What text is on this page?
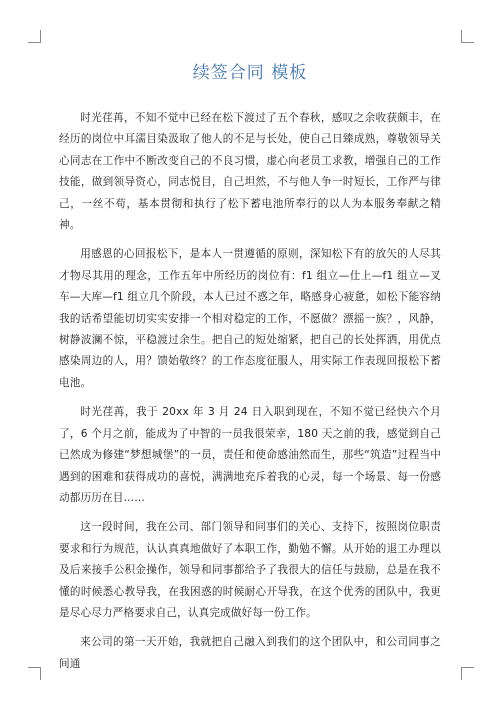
续签合同 模板

时光荏苒，不知不觉中已经在松下渡过了五个春秋，感叹之余收获颇丰，在经历的岗位中耳濡目染汲取了他人的不足与长处，使自己日臻成熟，尊敬领导关心同志在工作中不断改变自己的不良习惯，虚心向老员工求教，增强自己的工作技能，做到领导资心，同志悦目，自己坦然，不与他人争一时短长，工作严与律己，一丝不苟，基本贯彻和执行了松下蓄电池所奉行的以人为本服务奉献之精神。

用感恩的心回报松下，是本人一贯遵循的原则，深知松下有的放矢的人尽其才物尽其用的理念，工作五年中所经历的岗位有：f1 组立—仕上—f1 组立—叉车—大库—f1 组立几个阶段，本人已过不惑之年，略感身心疲惫，如松下能容纳我的话希望能切切实实安排一个相对稳定的工作，不愿做？漂摇一族？，风静，树静波澜不惊，平稳渡过余生。把自己的短处缩紧，把自己的长处挥洒，用优点感染周边的人，用？馈始敬终？的工作态度征服人，用实际工作表现回报松下蓄电池。

时光荏苒，我于 20xx 年 3 月 24 日入职到现在，不知不觉已经快六个月了，6 个月之前，能成为了中智的一员我很荣幸，180 天之前的我，感觉到自己已然成为修建“梦想城堡”的一员，责任和使命感油然而生，那些“筑造”过程当中遇到的困难和获得成功的喜悦，满满地充斥着我的心灵，每一个场景、每一份感动都历历在目……

这一段时间，我在公司、部门领导和同事们的关心、支持下，按照岗位职责要求和行为规范，认认真真地做好了本职工作，勤勉不懈。从开始的退工办理以及后来接手公积金操作，领导和同事都给予了我很大的信任与鼓励，总是在我不懂的时候悉心教导我，在我困惑的时候耐心开导我，在这个优秀的团队中，我更是尽心尽力严格要求自己，认真完成做好每一份工作。

来公司的第一天开始，我就把自己融入到我们的这个团队中，和公司同事之间通
